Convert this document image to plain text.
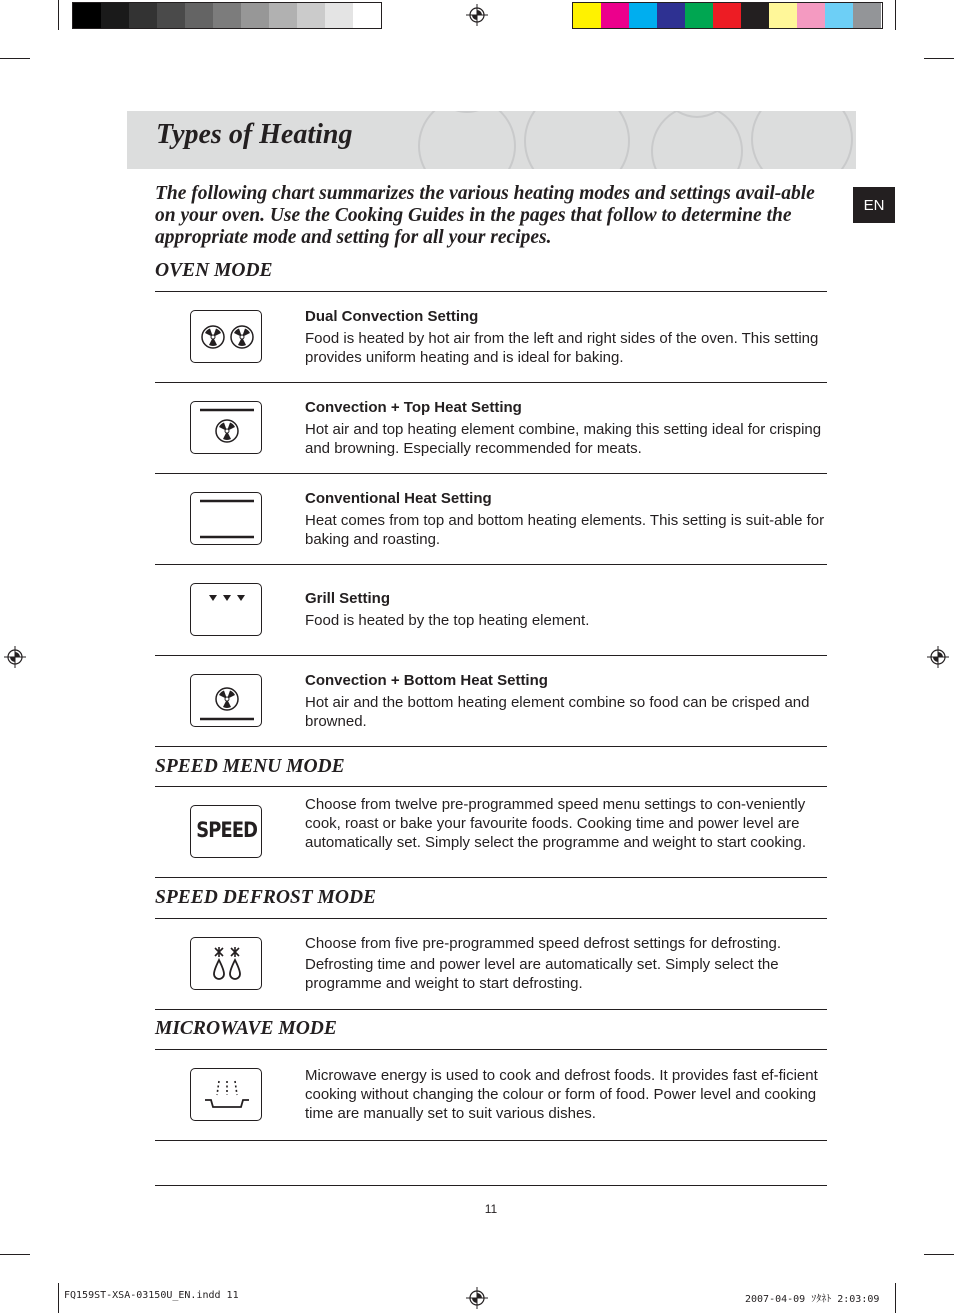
Types of Heating
EN
The following chart summarizes the various heating modes and settings avail-able on your oven. Use the Cooking Guides in the pages that follow to determine the appropriate mode and setting for all your recipes.
OVEN MODE
Dual Convection Setting
Food is heated by hot air from the left and right sides of the oven. This setting provides uniform heating and is ideal for baking.
Convection + Top Heat Setting
Hot air and top heating element combine, making this setting ideal for crisping and browning. Especially recommended for meats.
Conventional Heat Setting
Heat comes from top and bottom heating elements. This setting is suit-able for baking and roasting.
Grill Setting
Food is heated by the top heating element.
Convection + Bottom Heat Setting
Hot air and the bottom heating element combine so food can be crisped and browned.
SPEED MENU MODE
SPEED
Choose from twelve pre-programmed speed menu settings to con-veniently cook, roast or bake your favourite foods. Cooking time and power level are automatically set. Simply select the programme and weight to start cooking.
SPEED DEFROST MODE
Choose from five pre-programmed speed defrost settings for defrosting.
Defrosting time and power level are automatically set. Simply select the programme and weight to start defrosting.
MICROWAVE MODE
Microwave energy is used to cook and defrost foods. It provides fast ef-ficient cooking without changing the colour or form of food. Power level and cooking time are manually set to suit various dishes.
11
FQ159ST-XSA-03150U_EN.indd 11	2007-04-09 ｿﾀﾈﾄ 2:03:09
